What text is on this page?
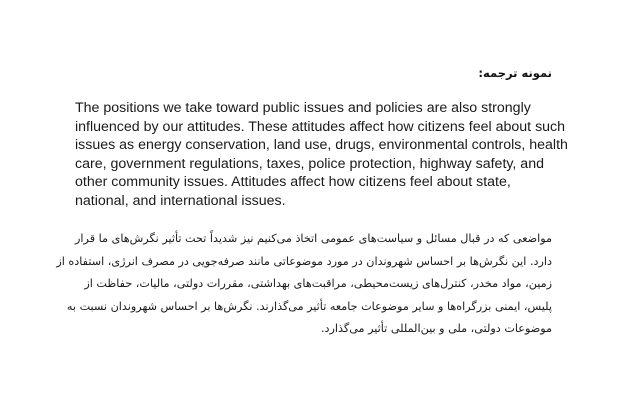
نمونه ترجمه:
The positions we take toward public issues and policies are also strongly
influenced by our attitudes. These attitudes affect how citizens feel about such
issues as energy conservation, land use, drugs, environmental controls, health
care, government regulations, taxes, police protection, highway safety, and
other community issues. Attitudes affect how citizens feel about state,
national, and international issues.
مواضعی که در قبال مسائل و سیاست‌های عمومی اتخاذ می‌کنیم نیز شدیداً تحت تأثیر نگرش‌های ما قرار
دارد. این نگرش‌ها بر احساس شهروندان در مورد موضوعاتی مانند صرفه‌جویی در مصرف انرژی، استفاده از
زمین، مواد مخدر، کنترل‌های زیست‌محیطی، مراقبت‌های بهداشتی، مقررات دولتی، مالیات، حفاظت از
پلیس، ایمنی بزرگراه‌ها و سایر موضوعات جامعه تأثیر می‌گذارند. نگرش‌ها بر احساس شهروندان نسبت به
موضوعات دولتی، ملی و بین‌المللی تأثیر می‌گذارد.
